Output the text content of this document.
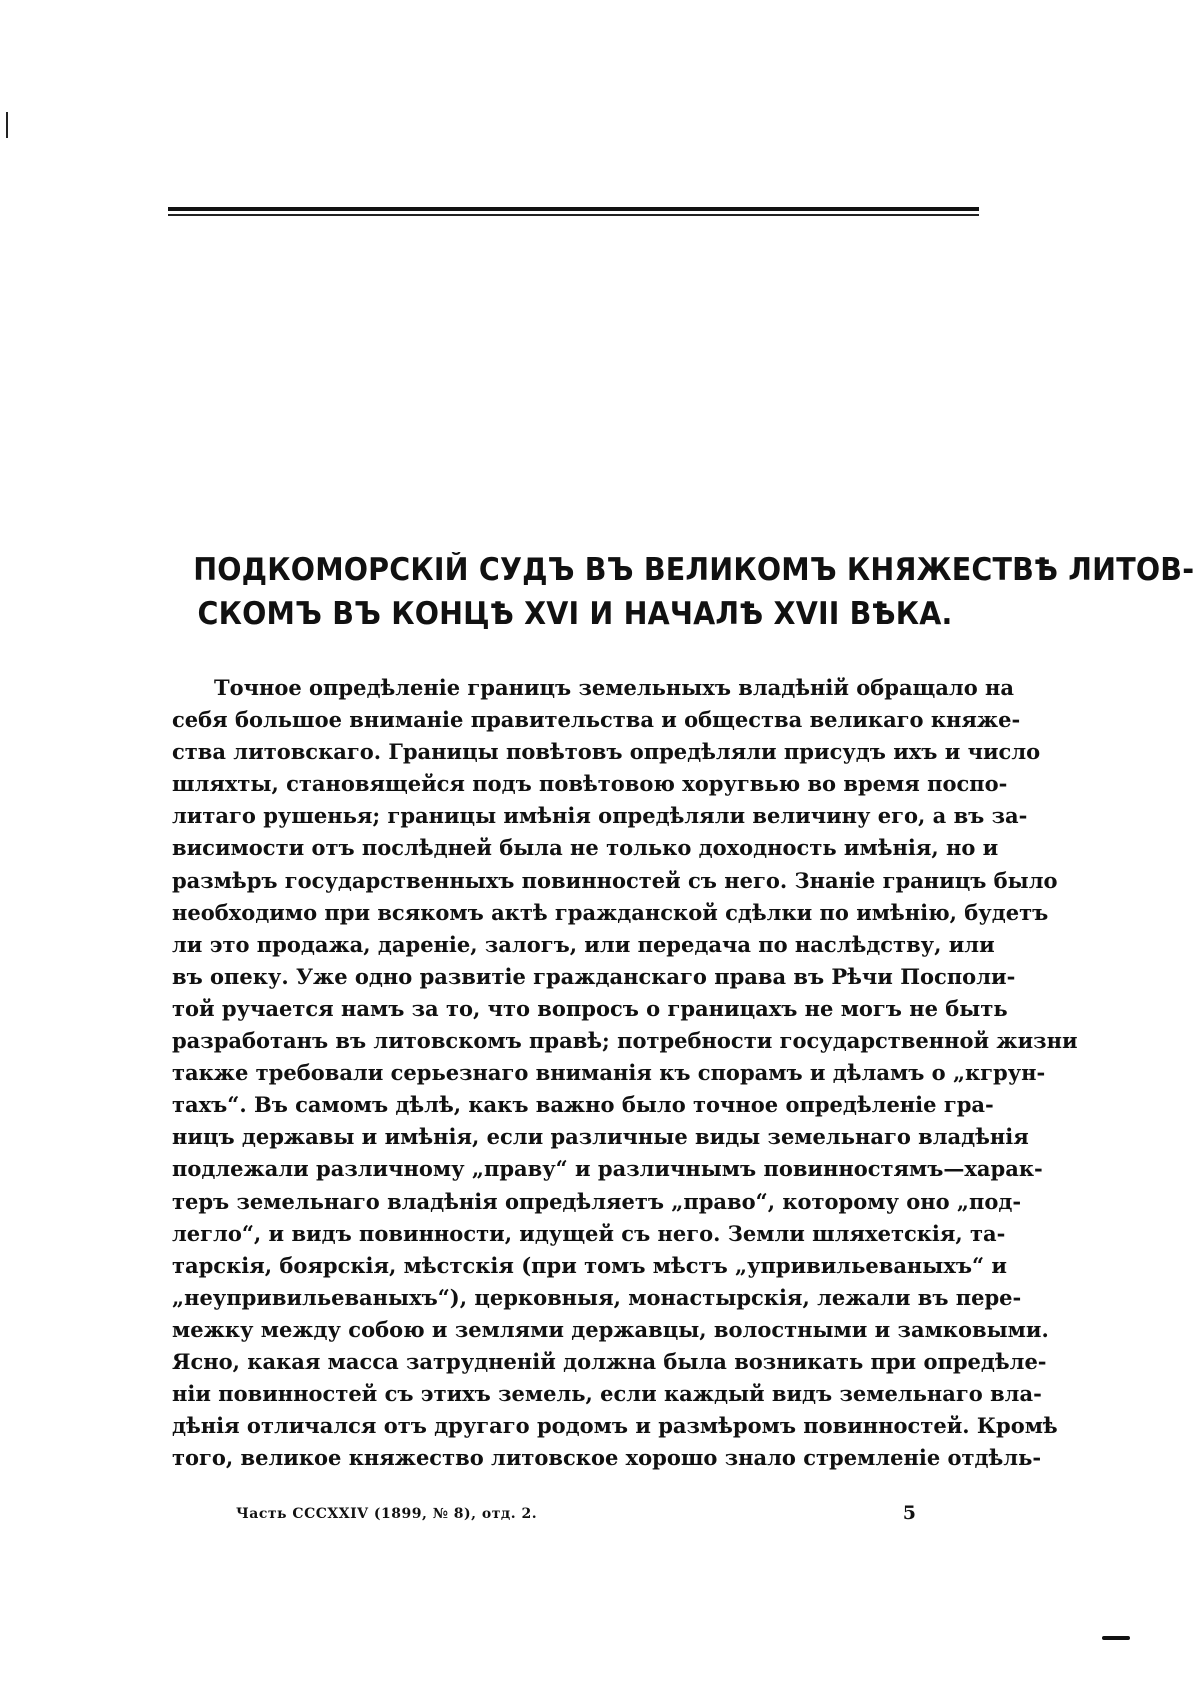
ПОДКОМОРСКІЙ СУДЪ ВЪ ВЕЛИКОМЪ КНЯЖЕСТВѢ ЛИТОВ-
СКОМЪ ВЪ КОНЦѢ XVI И НАЧАЛѢ XVII ВѢКА.
Точное опредѣленіе границъ земельныхъ владѣній обращало на
себя большое вниманіе правительства и общества великаго княже-
ства литовскаго. Границы повѣтовъ опредѣляли присудъ ихъ и число
шляхты, становящейся подъ повѣтовою хоругвью во время поспо-
литаго рушенья; границы имѣнія опредѣляли величину его, а въ за-
висимости отъ послѣдней была не только доходность имѣнія, но и
размѣръ государственныхъ повинностей съ него. Знаніе границъ было
необходимо при всякомъ актѣ гражданской сдѣлки по имѣнію, будетъ
ли это продажа, дареніе, залогъ, или передача по наслѣдству, или
въ опеку. Уже одно развитіе гражданскаго права въ Рѣчи Посполи-
той ручается намъ за то, что вопросъ о границахъ не могъ не быть
разработанъ въ литовскомъ правѣ; потребности государственной жизни
также требовали серьезнаго вниманія къ спорамъ и дѣламъ о „кгрун-
тахъ“. Въ самомъ дѣлѣ, какъ важно было точное опредѣленіе гра-
ницъ державы и имѣнія, если различные виды земельнаго владѣнія
подлежали различному „праву“ и различнымъ повинностямъ—харак-
теръ земельнаго владѣнія опредѣляетъ „право“, которому оно „под-
легло“, и видъ повинности, идущей съ него. Земли шляхетскія, та-
тарскія, боярскія, мѣстскія (при томъ мѣстъ „упривильеваныхъ“ и
„неупривильеваныхъ“), церковныя, монастырскія, лежали въ пере-
межку между собою и землями державцы, волостными и замковыми.
Ясно, какая масса затрудненій должна была возникать при опредѣле-
ніи повинностей съ этихъ земель, если каждый видъ земельнаго вла-
дѣнія отличался отъ другаго родомъ и размѣромъ повинностей. Кромѣ
того, великое княжество литовское хорошо знало стремленіе отдѣль-
Часть CCCXXIV (1899, № 8), отд. 2.	5
